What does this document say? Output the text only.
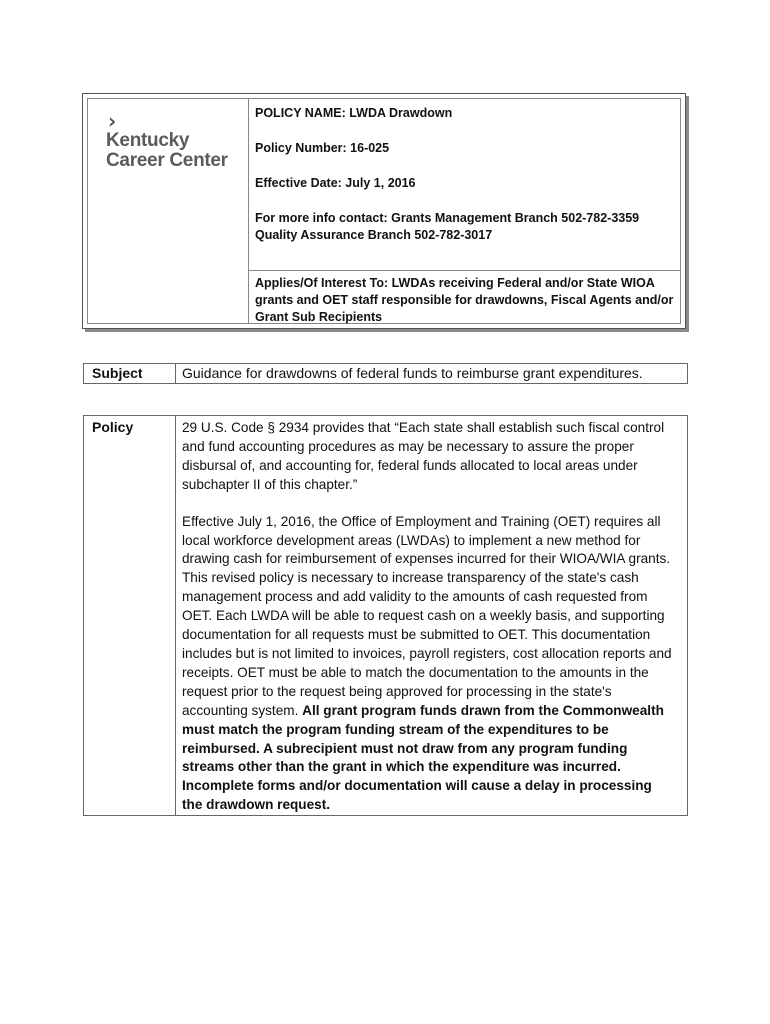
›
Kentucky
Career Center

POLICY NAME: LWDA Drawdown

Policy Number: 16-025

Effective Date: July 1, 2016

For more info contact: Grants Management Branch 502-782-3359

Quality Assurance Branch 502-782-3017

Applies/Of Interest To: LWDAs receiving Federal and/or State WIOA grants and OET staff responsible for drawdowns, Fiscal Agents and/or Grant Sub Recipients
Subject	Guidance for drawdowns of federal funds to reimburse grant expenditures.
Policy	29 U.S. Code § 2934 provides that “Each state shall establish such fiscal control and fund accounting procedures as may be necessary to assure the proper disbursal of, and accounting for, federal funds allocated to local areas under subchapter II of this chapter.”

Effective July 1, 2016, the Office of Employment and Training (OET) requires all local workforce development areas (LWDAs) to implement a new method for drawing cash for reimbursement of expenses incurred for their WIOA/WIA grants. This revised policy is necessary to increase transparency of the state's cash management process and add validity to the amounts of cash requested from OET. Each LWDA will be able to request cash on a weekly basis, and supporting documentation for all requests must be submitted to OET. This documentation includes but is not limited to invoices, payroll registers, cost allocation reports and receipts. OET must be able to match the documentation to the amounts in the request prior to the request being approved for processing in the state's accounting system. All grant program funds drawn from the Commonwealth must match the program funding stream of the expenditures to be reimbursed. A subrecipient must not draw from any program funding streams other than the grant in which the expenditure was incurred. Incomplete forms and/or documentation will cause a delay in processing the drawdown request.
